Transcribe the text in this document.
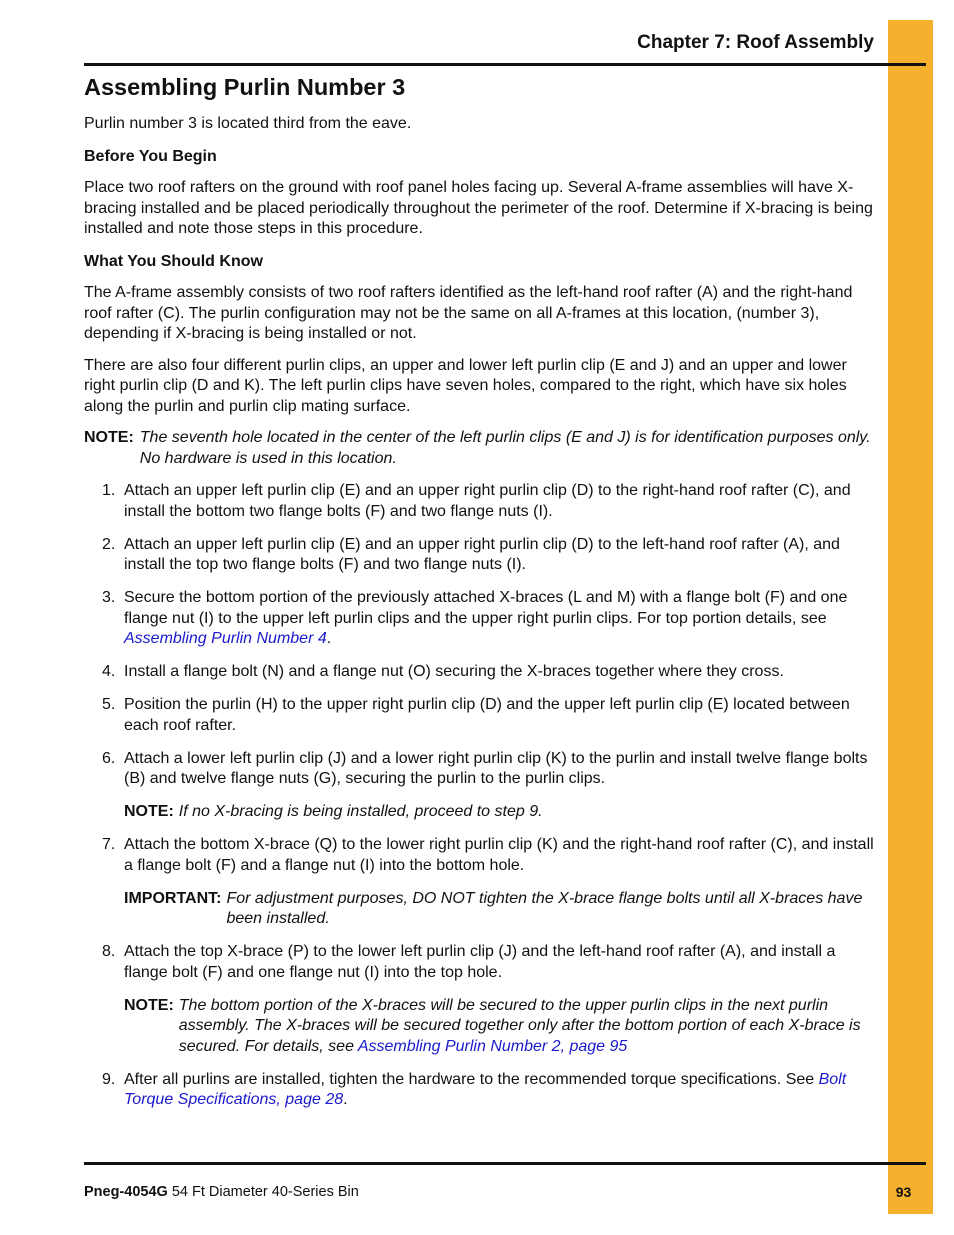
Chapter 7: Roof Assembly
Assembling Purlin Number 3

Purlin number 3 is located third from the eave.

Before You Begin

Place two roof rafters on the ground with roof panel holes facing up. Several A-frame assemblies will have X-bracing installed and be placed periodically throughout the perimeter of the roof. Determine if X-bracing is being installed and note those steps in this procedure.

What You Should Know

The A-frame assembly consists of two roof rafters identified as the left-hand roof rafter (A) and the right-hand roof rafter (C). The purlin configuration may not be the same on all A-frames at this location, (number 3), depending if X-bracing is being installed or not.

There are also four different purlin clips, an upper and lower left purlin clip (E and J) and an upper and lower right purlin clip (D and K). The left purlin clips have seven holes, compared to the right, which have six holes along the purlin and purlin clip mating surface.

NOTE: The seventh hole located in the center of the left purlin clips (E and J) is for identification purposes only. No hardware is used in this location.
1. Attach an upper left purlin clip (E) and an upper right purlin clip (D) to the right-hand roof rafter (C), and install the bottom two flange bolts (F) and two flange nuts (I).
2. Attach an upper left purlin clip (E) and an upper right purlin clip (D) to the left-hand roof rafter (A), and install the top two flange bolts (F) and two flange nuts (I).
3. Secure the bottom portion of the previously attached X-braces (L and M) with a flange bolt (F) and one flange nut (I) to the upper left purlin clips and the upper right purlin clips. For top portion details, see Assembling Purlin Number 4.
4. Install a flange bolt (N) and a flange nut (O) securing the X-braces together where they cross.
5. Position the purlin (H) to the upper right purlin clip (D) and the upper left purlin clip (E) located between each roof rafter.
6. Attach a lower left purlin clip (J) and a lower right purlin clip (K) to the purlin and install twelve flange bolts (B) and twelve flange nuts (G), securing the purlin to the purlin clips.
NOTE: If no X-bracing is being installed, proceed to step 9.
7. Attach the bottom X-brace (Q) to the lower right purlin clip (K) and the right-hand roof rafter (C), and install a flange bolt (F) and a flange nut (I) into the bottom hole.
IMPORTANT: For adjustment purposes, DO NOT tighten the X-brace flange bolts until all X-braces have been installed.
8. Attach the top X-brace (P) to the lower left purlin clip (J) and the left-hand roof rafter (A), and install a flange bolt (F) and one flange nut (I) into the top hole.
NOTE: The bottom portion of the X-braces will be secured to the upper purlin clips in the next purlin assembly. The X-braces will be secured together only after the bottom portion of each X-brace is secured. For details, see Assembling Purlin Number 2, page 95
9. After all purlins are installed, tighten the hardware to the recommended torque specifications. See Bolt Torque Specifications, page 28.
Pneg-4054G 54 Ft Diameter 40-Series Bin	93
